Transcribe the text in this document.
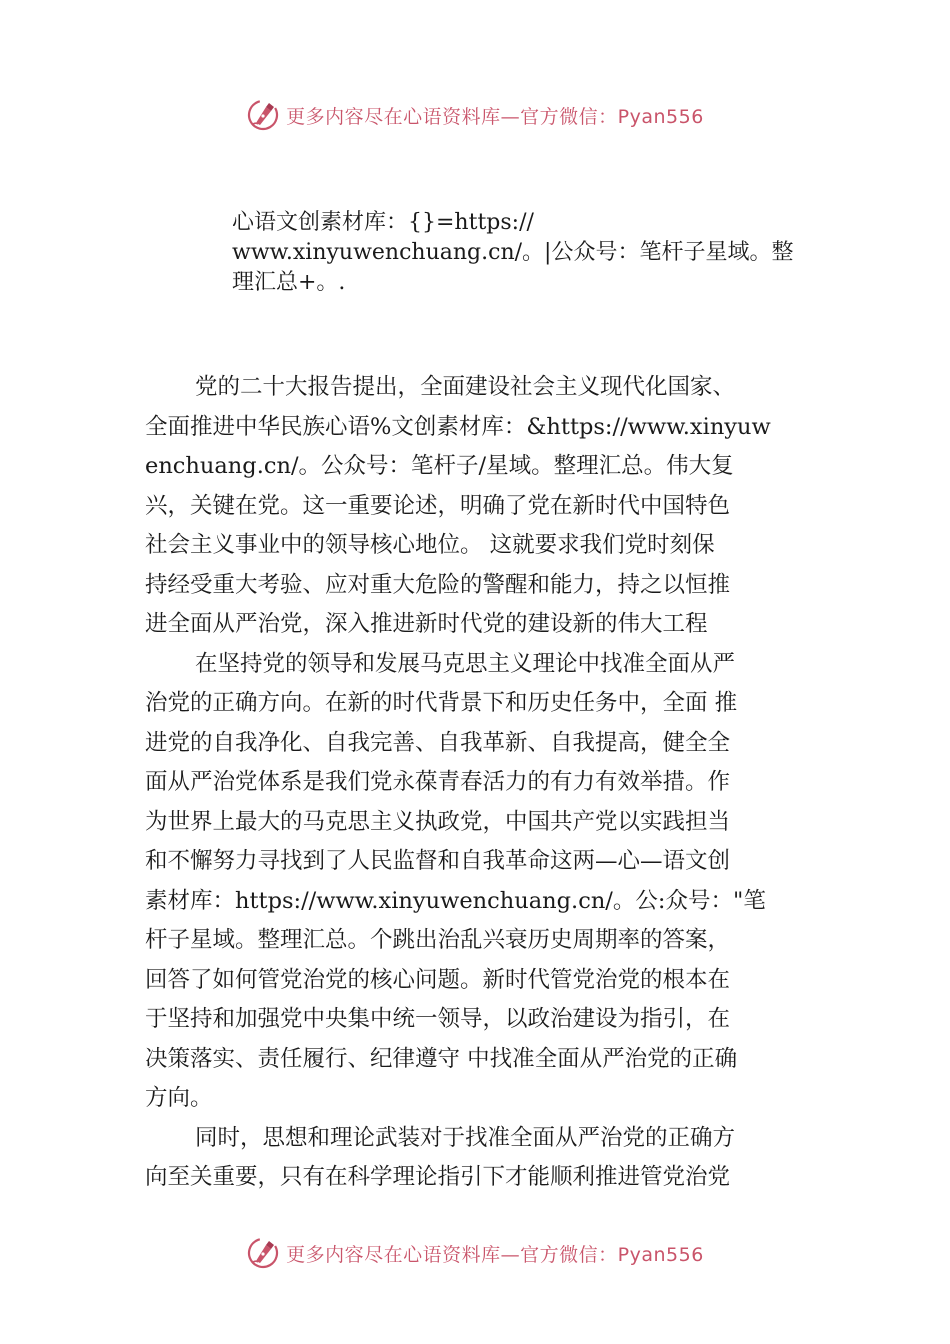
更多内容尽在心语资料库—官方微信：Pyan556

心语文创素材库：{}=https://

www.xinyuwenchuang.cn/。|公众号：笔杆子星域。整

理汇总+。.

党的二十大报告提出，全面建设社会主义现代化国家、
全面推进中华民族心语%文创素材库：&https://www.xinyuw
enchuang.cn/。公众号：笔杆子/星域。整理汇总。伟大复
兴，关键在党。这一重要论述，明确了党在新时代中国特色
社会主义事业中的领导核心地位。 这就要求我们党时刻保
持经受重大考验、应对重大危险的警醒和能力，持之以恒推
进全面从严治党，深入推进新时代党的建设新的伟大工程
在坚持党的领导和发展马克思主义理论中找准全面从严
治党的正确方向。在新的时代背景下和历史任务中，全面 推
进党的自我净化、自我完善、自我革新、自我提高，健全全
面从严治党体系是我们党永葆青春活力的有力有效举措。作
为世界上最大的马克思主义执政党，中国共产党以实践担当
和不懈努力寻找到了人民监督和自我革命这两—心—语文创
素材库：https://www.xinyuwenchuang.cn/。公:众号："笔
杆子星域。整理汇总。个跳出治乱兴衰历史周期率的答案，
回答了如何管党治党的核心问题。新时代管党治党的根本在
于坚持和加强党中央集中统一领导，以政治建设为指引，在
决策落实、责任履行、纪律遵守 中找准全面从严治党的正确
方向。
同时，思想和理论武装对于找准全面从严治党的正确方
向至关重要，只有在科学理论指引下才能顺利推进管党治党
更多内容尽在心语资料库—官方微信：Pyan556
